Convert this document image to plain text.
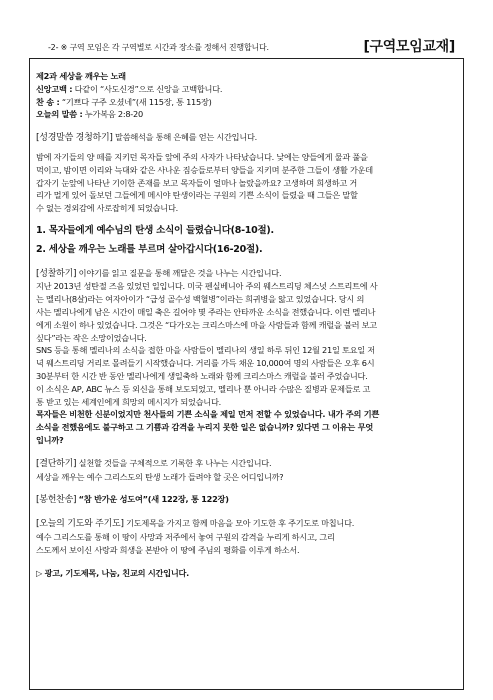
-2- ※ 구역 모임은 각 구역별로 시간과 장소를 정해서 진행합니다.	[구역모임교재]
제2과 세상을 깨우는 노래
신앙고백 : 다같이 “사도신경”으로 신앙을 고백합니다.
찬 송 : “기쁘다 구주 오셨네”(새 115장, 통 115장)
오늘의 말씀 : 누가복음 2:8-20
[성경말씀 경청하기] 말씀해석을 통해 은혜를 얻는 시간입니다.
밤에 자기들의 양 떼를 지키던 목자들 앞에 주의 사자가 나타났습니다. 낮에는 양들에게 물과 풀을
먹이고, 밤이면 이리와 늑대와 같은 사나운 짐승들로부터 양들을 지키며 분주한 그들이 생활 가운데
갑자기 눈앞에 나타난 기이한 존재를 보고 목자들이 얼마나 놀랐을까요? 고생하며 희생하고 거
리가 멀게 있어 돌보던 그들에게 메시야 탄생이라는 구원의 기쁜 소식이 들렸을 때 그들은 말할
수 없는 경외감에 사로잡히게 되었습니다.
1. 목자들에게 예수님의 탄생 소식이 들렸습니다(8-10절).
2. 세상을 깨우는 노래를 부르며 살아갑시다(16-20절).
[성찰하기] 이야기를 읽고 질문을 통해 깨달은 것을 나누는 시간입니다.
지난 2013년 성탄절 즈음 있었던 일입니다. 미국 펜실베니아 주의 웨스트리딩 체스넛 스트리트에 사
는 멜리나(8살)라는 여자아이가 “급성 골수성 백혈병”이라는 희귀병을 앓고 있었습니다. 당시 의
사는 멜리나에게 남은 시간이 매일 축은 길어야 몇 주라는 안타까운 소식을 전했습니다. 이런 멜리나
에게 소원이 하나 있었습니다. 그것은 “다가오는 크리스마스에 마을 사람들과 함께 캐럴을 불러 보고
싶다”라는 작은 소망이었습니다.
SNS 등을 통해 멜리나의 소식을 접한 마을 사람들이 멜리나의 생일 하루 뒤인 12월 21일 토요일 저
녁 웨스트리딩 거리로 몰려들기 시작했습니다. 거리를 가득 채운 10,000여 명의 사람들은 오후 6시
30분부터 한 시간 반 동안 멜리나에게 생일축하 노래와 함께 크리스마스 캐럴을 불러 주었습니다.
이 소식은 AP, ABC 뉴스 등 외신을 통해 보도되었고, 멜리나 뿐 아니라 수많은 질병과 문제들로 고
통 받고 있는 세계인에게 희망의 메시지가 되었습니다.
목자들은 비천한 신분이었지만 천사들의 기쁜 소식을 제일 먼저 전할 수 있었습니다. 내가 주의 기쁜
소식을 전했음에도 불구하고 그 기쁨과 감격을 누리지 못한 일은 없습니까? 있다면 그 이유는 무엇
입니까?
[결단하기] 실천할 것들을 구체적으로 기록한 후 나누는 시간입니다.
세상을 깨우는 예수 그리스도의 탄생 노래가 들려야 할 곳은 어디입니까?
[봉헌찬송] “참 반가운 성도여”(새 122장, 통 122장)
[오늘의 기도와 주기도] 기도제목을 가지고 함께 마음을 모아 기도한 후 주기도로 마칩니다.
예수 그리스도를 통해 이 땅이 사망과 저주에서 놓여 구원의 감격을 누리게 하시고, 그리
스도께서 보이신 사랑과 희생을 본받아 이 땅에 주님의 평화를 이루게 하소서.
▷ 광고, 기도제목, 나눔, 친교의 시간입니다.
